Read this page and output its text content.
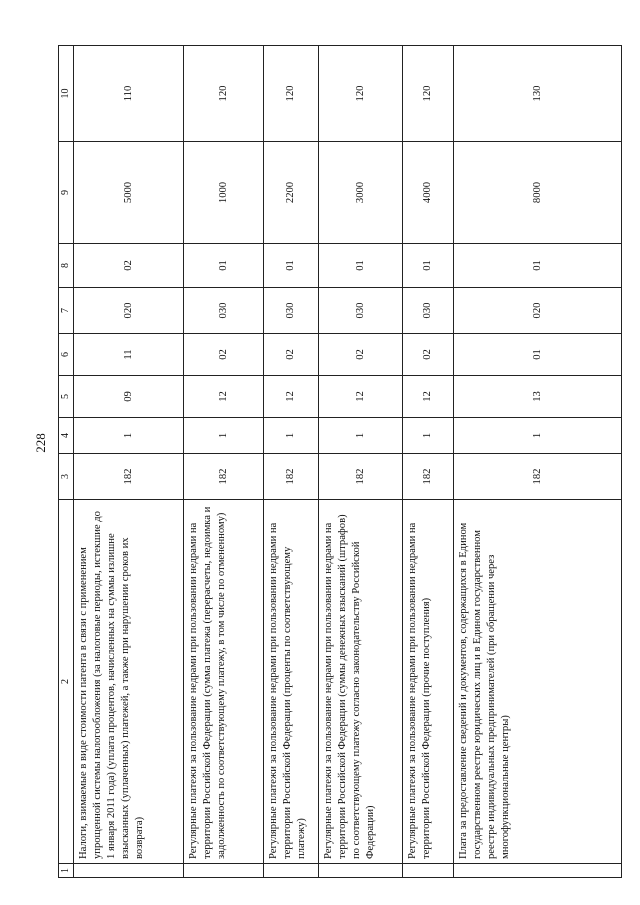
228
1	2	3	4	5	6	7	8	9	10
	Налоги, взимаемые в виде стоимости патента в связи с применением упрощенной системы налогообложения (за налоговые периоды, истекшие до 1 января 2011 года) (уплата процентов, начисленных на суммы излишне взысканных (уплаченных) платежей, а также при нарушении сроков их возврата)	182	1	09	11	020	02	5000	110
	Регулярные платежи за пользование недрами при пользовании недрами на территории Российской Федерации (сумма платежа (перерасчеты, недоимка и задолженность по соответствующему платежу, в том числе по отмененному)	182	1	12	02	030	01	1000	120
	Регулярные платежи за пользование недрами при пользовании недрами на территории Российской Федерации (проценты по соответствующему платежу)	182	1	12	02	030	01	2200	120
	Регулярные платежи за пользование недрами при пользовании недрами на территории Российской Федерации (суммы денежных взысканий (штрафов) по соответствующему платежу согласно законодательству Российской Федерации)	182	1	12	02	030	01	3000	120
	Регулярные платежи за пользование недрами при пользовании недрами на территории Российской Федерации (прочие поступления)	182	1	12	02	030	01	4000	120
	Плата за предоставление сведений и документов, содержащихся в Едином государственном реестре юридических лиц и в Едином государственном реестре индивидуальных предпринимателей (при обращении через многофункциональные центры)	182	1	13	01	020	01	8000	130
